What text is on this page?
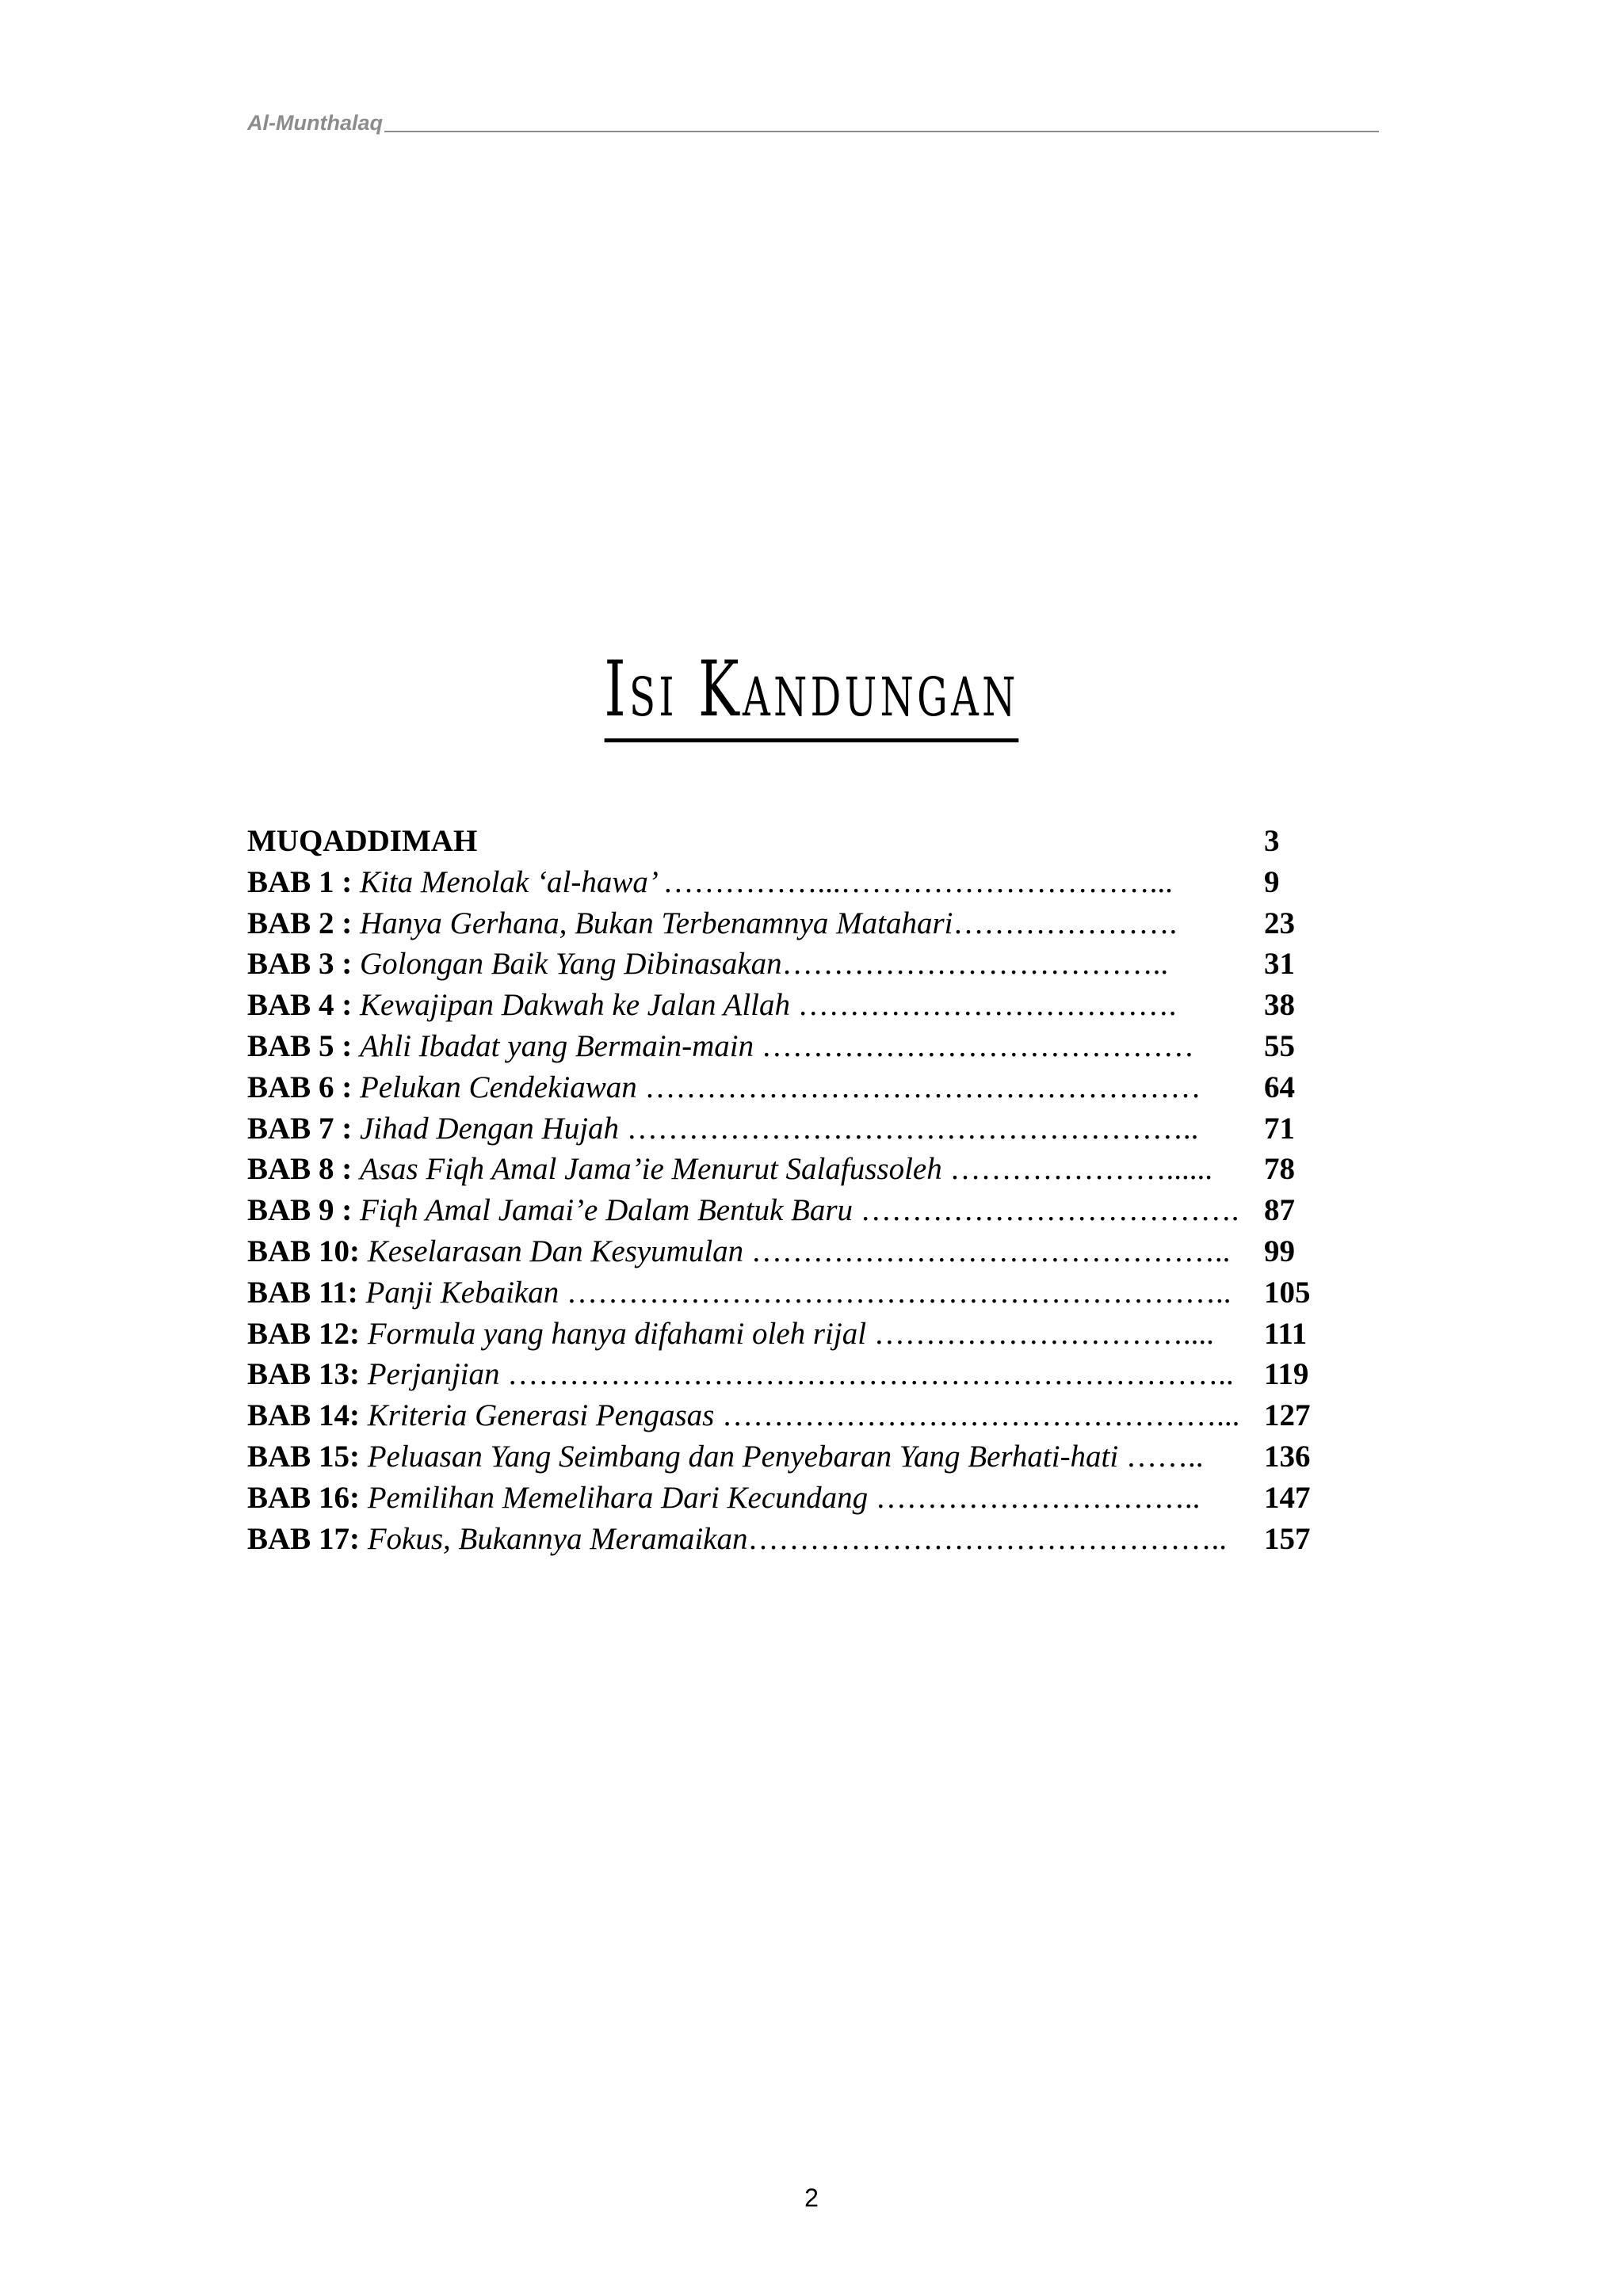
Al-Munthalaq
Isi Kandungan
MUQADDIMAH	3
BAB 1 : Kita Menolak ‘al-hawa’ ……………...…………………………...	9
BAB 2 : Hanya Gerhana, Bukan Terbenamnya Matahari………………….	23
BAB 3 : Golongan Baik Yang Dibinasakan………………………………..	31
BAB 4 : Kewajipan Dakwah ke Jalan Allah ……………………………….	38
BAB 5 : Ahli Ibadat yang Bermain-main ……………………………………	55
BAB 6 : Pelukan Cendekiawan ………………………………………………	64
BAB 7 : Jihad Dengan Hujah ………………………………………………..	71
BAB 8 : Asas Fiqh Amal Jama’ie Menurut Salafussoleh …………………......	78
BAB 9 : Fiqh Amal Jamai’e Dalam Bentuk Baru ………………………………. 87
BAB 10: Keselarasan Dan Kesyumulan ………………………………………..	99
BAB 11: Panji Kebaikan ………………………………………………………..	105
BAB 12: Formula yang hanya difahami oleh rijal …………………………....	111
BAB 13: Perjanjian …………………………………………………………….. 119
BAB 14: Kriteria Generasi Pengasas …………………………………………... 127
BAB 15: Peluasan Yang Seimbang dan Penyebaran Yang Berhati-hati ……..	136
BAB 16: Pemilihan Memelihara Dari Kecundang …………………………..	147
BAB 17: Fokus, Bukannya Meramaikan………………………………………..	157
2
